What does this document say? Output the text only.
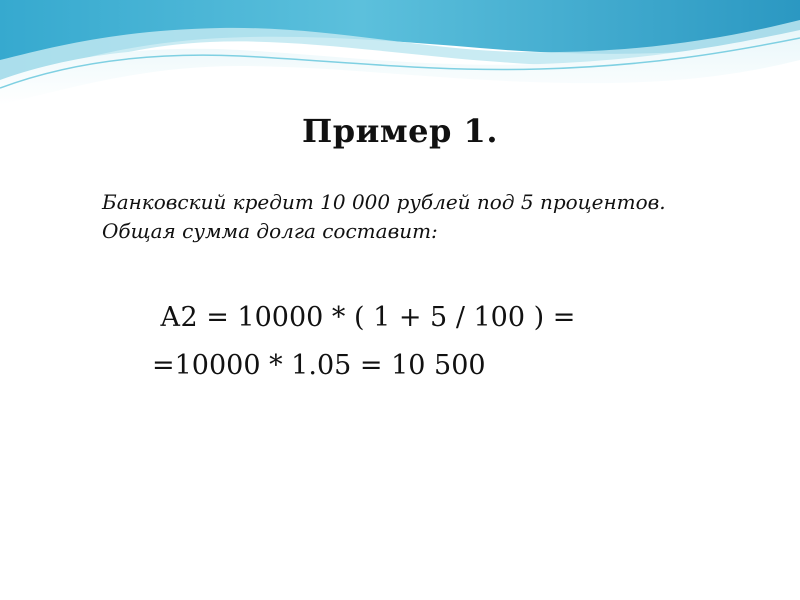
Пример 1.
Банковский кредит 10 000 рублей под 5 процентов.
Общая сумма долга составит:
А2 = 10000 * ( 1 + 5 / 100 ) =
=10000 * 1.05 = 10 500
